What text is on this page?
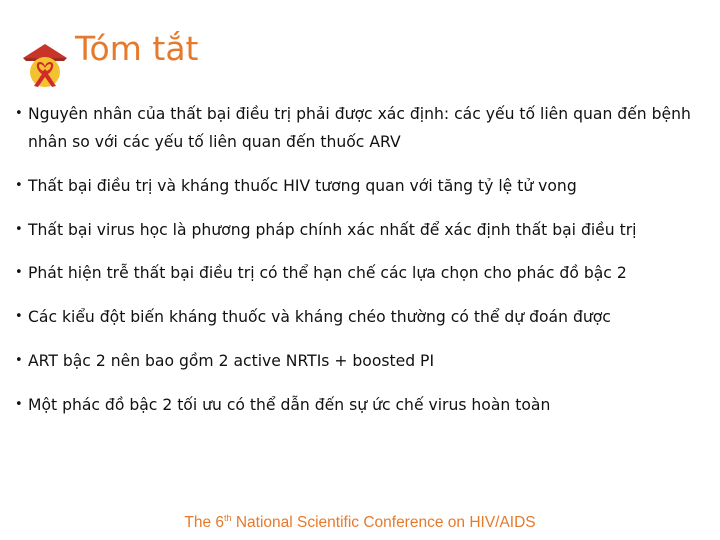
Tóm tắt
• Nguyên nhân của thất bại điều trị phải được xác định: các yếu tố liên quan đến bệnh nhân so với các yếu tố liên quan đến thuốc ARV
• Thất bại điều trị và kháng thuốc HIV tương quan với tăng tỷ lệ tử vong
• Thất bại virus học là phương pháp chính xác nhất để xác định thất bại điều trị
• Phát hiện trễ thất bại điều trị có thể hạn chế các lựa chọn cho phác đồ bậc 2
• Các kiểu đột biến kháng thuốc và kháng chéo thường có thể dự đoán được
• ART bậc 2 nên bao gồm 2 active NRTIs + boosted PI
• Một phác đồ bậc 2 tối ưu có thể dẫn đến sự ức chế virus hoàn toàn
The 6th National Scientific Conference on HIV/AIDS
